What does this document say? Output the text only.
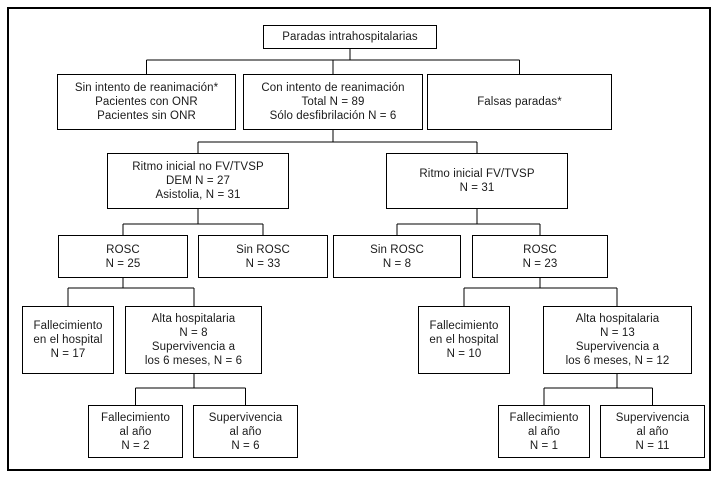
Paradas intrahospitalarias
Sin intento de reanimación*
Pacientes con ONR
Pacientes sin ONR
Con intento de reanimación
Total N = 89
Sólo desfibrilación N = 6
Falsas paradas*
Ritmo inicial no FV/TVSP
DEM N = 27
Asistolia, N = 31
Ritmo inicial FV/TVSP
N = 31
ROSC
N = 25
Sin ROSC
N = 33
Sin ROSC
N = 8
ROSC
N = 23
Fallecimiento
en el hospital
N = 17
Alta hospitalaria
N = 8
Supervivencia a
los 6 meses, N = 6
Fallecimiento
en el hospital
N = 10
Alta hospitalaria
N = 13
Supervivencia a
los 6 meses, N = 12
Fallecimiento
al año
N = 2
Supervivencia
al año
N = 6
Fallecimiento
al año
N = 1
Supervivencia
al año
N = 11
